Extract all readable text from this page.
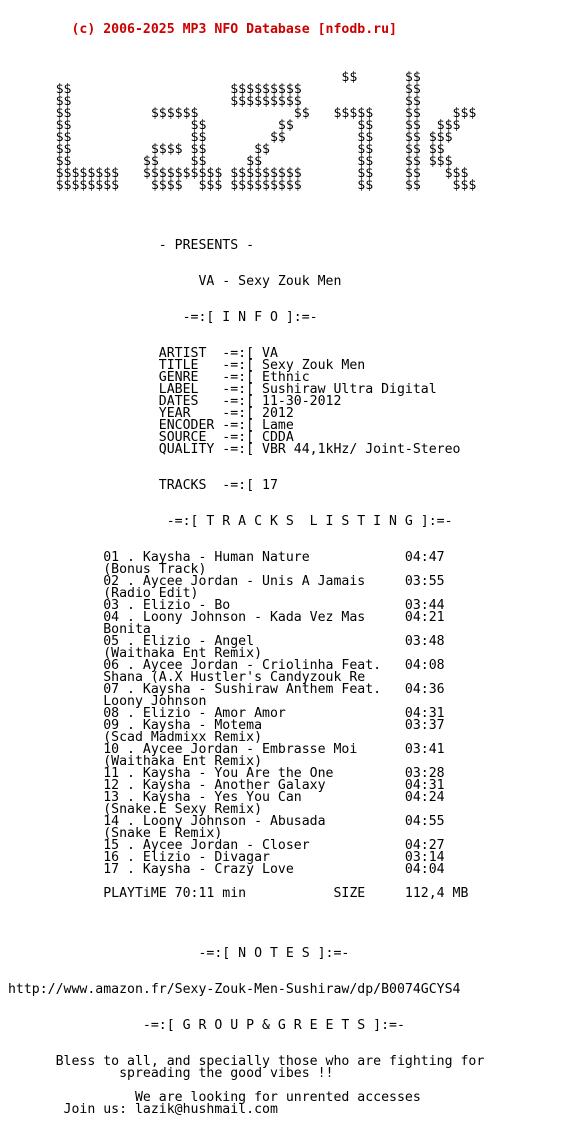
(c) 2006-2025 MP3 NFO Database [nfodb.ru]

$$      $$
$$                    $$$$$$$$$             $$
$$                    $$$$$$$$$             $$
$$          $$$$$$            $$   $$$$$    $$    $$$
$$               $$         $$        $$    $$  $$$
$$               $$        $$         $$    $$ $$$
$$          $$$$ $$      $$           $$    $$ $$
$$         $$    $$     $$            $$    $$ $$$
$$$$$$$$   $$$$$$$$$$ $$$$$$$$$       $$    $$   $$$
$$$$$$$$    $$$$  $$$ $$$$$$$$$       $$    $$    $$$
- PRESENTS -
VA - Sexy Zouk Men
-=:[ I N F O ]:=-
ARTIST  -=:[ VA
TITLE   -=:[ Sexy Zouk Men
GENRE   -=:[ Ethnic
LABEL   -=:[ Sushiraw Ultra Digital
DATES   -=:[ 11-30-2012
YEAR    -=:[ 2012
ENCODER -=:[ Lame
SOURCE  -=:[ CDDA
QUALITY -=:[ VBR 44,1kHz/ Joint-Stereo
TRACKS  -=:[ 17
-=:[ T R A C K S  L I S T I N G ]:=-
01 . Kaysha - Human Nature            04:47
(Bonus Track)
02 . Aycee Jordan - Unis A Jamais     03:55
(Radio Edit)
03 . Elizio - Bo                      03:44
04 . Loony Johnson - Kada Vez Mas     04:21
Bonita
05 . Elizio - Angel                   03:48
(Waithaka Ent Remix)
06 . Aycee Jordan - Criolinha Feat.   04:08
Shana (A.X Hustler's Candyzouk Re
07 . Kaysha - Sushiraw Anthem Feat.   04:36
Loony Johnson
08 . Elizio - Amor Amor               04:31
09 . Kaysha - Motema                  03:37
(Scad Madmixx Remix)
10 . Aycee Jordan - Embrasse Moi      03:41
(Waithaka Ent Remix)
11 . Kaysha - You Are the One         03:28
12 . Kaysha - Another Galaxy          04:31
13 . Kaysha - Yes You Can             04:24
(Snake.E Sexy Remix)
14 . Loony Johnson - Abusada          04:55
(Snake E Remix)
15 . Aycee Jordan - Closer            04:27
16 . Elizio - Divagar                 03:14
17 . Kaysha - Crazy Love              04:04
PLAYTiME 70:11 min           SIZE     112,4 MB
-=:[ N O T E S ]:=-
http://www.amazon.fr/Sexy-Zouk-Men-Sushiraw/dp/B0074GCYS4
-=:[ G R O U P & G R E E T S ]:=-
Bless to all, and specially those who are fighting for
spreading the good vibes !!
We are looking for unrented accesses
Join us: lazik@hushmail.com
